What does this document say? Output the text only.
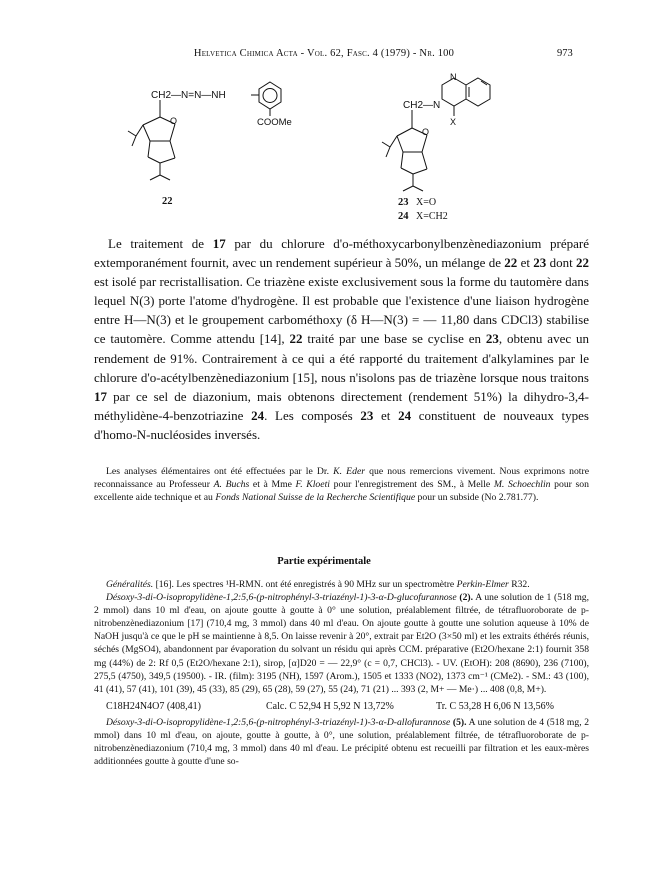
Helvetica Chimica Acta - Vol. 62, Fasc. 4 (1979) - Nr. 100	973
CH2—N=N—NH
COOMe
O
22
N
CH2—N
X
O
23 X=O
24 X=CH2

Le traitement de 17 par du chlorure d'o-méthoxycarbonylbenzènediazonium préparé extemporanément fournit, avec un rendement supérieur à 50%, un mélange de 22 et 23 dont 22 est isolé par recristallisation. Ce triazène existe exclusivement sous la forme du tautomère dans lequel N(3) porte l'atome d'hydrogène. Il est probable que l'existence d'une liaison hydrogène entre H—N(3) et le groupement carbométhoxy (δ H—N(3) = — 11,80 dans CDCl3) stabilise ce tautomère. Comme attendu [14], 22 traité par une base se cyclise en 23, obtenu avec un rendement de 91%. Contrairement à ce qui a été rapporté du traitement d'alkylamines par le chlorure d'o-acétylbenzènediazonium [15], nous n'isolons pas de triazène lorsque nous traitons 17 par ce sel de diazonium, mais obtenons directement (rendement 51%) la dihydro-3,4-méthylidène-4-benzotriazine 24. Les composés 23 et 24 constituent de nouveaux types d'homo-N-nucléosides inversés.

Les analyses élémentaires ont été effectuées par le Dr. K. Eder que nous remercions vivement. Nous exprimons notre reconnaissance au Professeur A. Buchs et à Mme F. Kloeti pour l'enregistrement des SM., à Melle M. Schoechlin pour son excellente aide technique et au Fonds National Suisse de la Recherche Scientifique pour un subside (No 2.781.77).

Partie expérimentale

Généralités. [16]. Les spectres ¹H-RMN. ont été enregistrés à 90 MHz sur un spectromètre Perkin-Elmer R32.

Désoxy-3-di-O-isopropylidène-1,2:5,6-(p-nitrophényl-3-triazényl-1)-3-α-D-glucofurannose (2). A une solution de 1 (518 mg, 2 mmol) dans 10 ml d'eau, on ajoute goutte à goutte à 0° une solution, préalablement filtrée, de tétrafluoroborate de p-nitrobenzènediazonium [17] (710,4 mg, 3 mmol) dans 40 ml d'eau. On ajoute goutte à goutte une solution aqueuse à 10% de NaOH jusqu'à ce que le pH se maintienne à 8,5. On laisse revenir à 20°, extrait par Et2O (3×50 ml) et les extraits éthérés réunis, séchés (MgSO4), abandonnent par évaporation du solvant un résidu qui après CCM. préparative (Et2O/hexane 2:1) fournit 358 mg (44%) de 2: Rf 0,5 (Et2O/hexane 2:1), sirop, [α]D20 = — 22,9° (c = 0,7, CHCl3). - UV. (EtOH): 208 (8690), 236 (7100), 275,5 (4750), 349,5 (19500). - IR. (film): 3195 (NH), 1597 (Arom.), 1505 et 1333 (NO2), 1373 cm⁻¹ (CMe2). - SM.: 43 (100), 41 (41), 57 (41), 101 (39), 45 (33), 85 (29), 65 (28), 59 (27), 55 (24), 71 (21) ... 393 (2, M+ — Me·) ... 408 (0,8, M+).

C18H24N4O7 (408,41)	Calc. C 52,94 H 5,92 N 13,72%	Tr. C 53,28 H 6,06 N 13,56%

Désoxy-3-di-O-isopropylidène-1,2:5,6-(p-nitrophényl-3-triazényl-1)-3-α-D-allofurannose (5). A une solution de 4 (518 mg, 2 mmol) dans 10 ml d'eau, on ajoute, goutte à goutte, à 0°, une solution, préalablement filtrée, de tétrafluoroborate de p-nitrobenzènediazonium (710,4 mg, 3 mmol) dans 40 ml d'eau. Le précipité obtenu est recueilli par filtration et les eaux-mères additionnées goutte à goutte d'une so-
